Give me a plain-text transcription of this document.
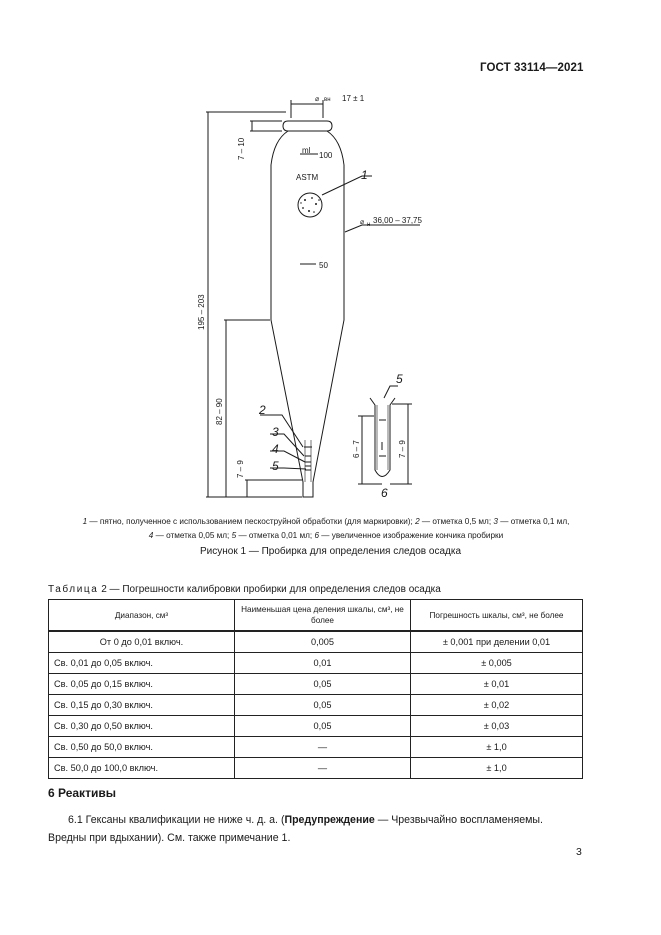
ГОСТ 33114—2021
⌀ вн 17 ± 1
ml
100
ASTM
50
⌀ н 36,00 – 37,75
1
2
3
4
5
5
6
7 – 10
195 – 203
82 – 90
7 – 9
6 – 7	7 – 9
1 — пятно, полученное с использованием пескоструйной обработки (для маркировки); 2 — отметка 0,5 мл; 3 — отметка 0,1 мл,
4 — отметка 0,05 мл; 5 — отметка 0,01 мл; 6 — увеличенное изображение кончика пробирки
Рисунок 1 — Пробирка для определения следов осадка
Таблица 2 — Погрешности калибровки пробирки для определения следов осадка
Диапазон, см³	Наименьшая цена деления шкалы, см³, не более	Погрешность шкалы, см³, не более
От 0 до 0,01 включ.	0,005	± 0,001 при делении 0,01
Св. 0,01 до 0,05 включ.	0,01	± 0,005
Св. 0,05 до 0,15 включ.	0,05	± 0,01
Св. 0,15 до 0,30 включ.	0,05	± 0,02
Св. 0,30 до 0,50 включ.	0,05	± 0,03
Св. 0,50 до 50,0 включ.	—	± 1,0
Св. 50,0 до 100,0 включ.	—	± 1,0
6 Реактивы
6.1 Гексаны квалификации не ниже ч. д. а. (Предупреждение — Чрезвычайно воспламеняемы. Вредны при вдыхании). См. также примечание 1.
3
